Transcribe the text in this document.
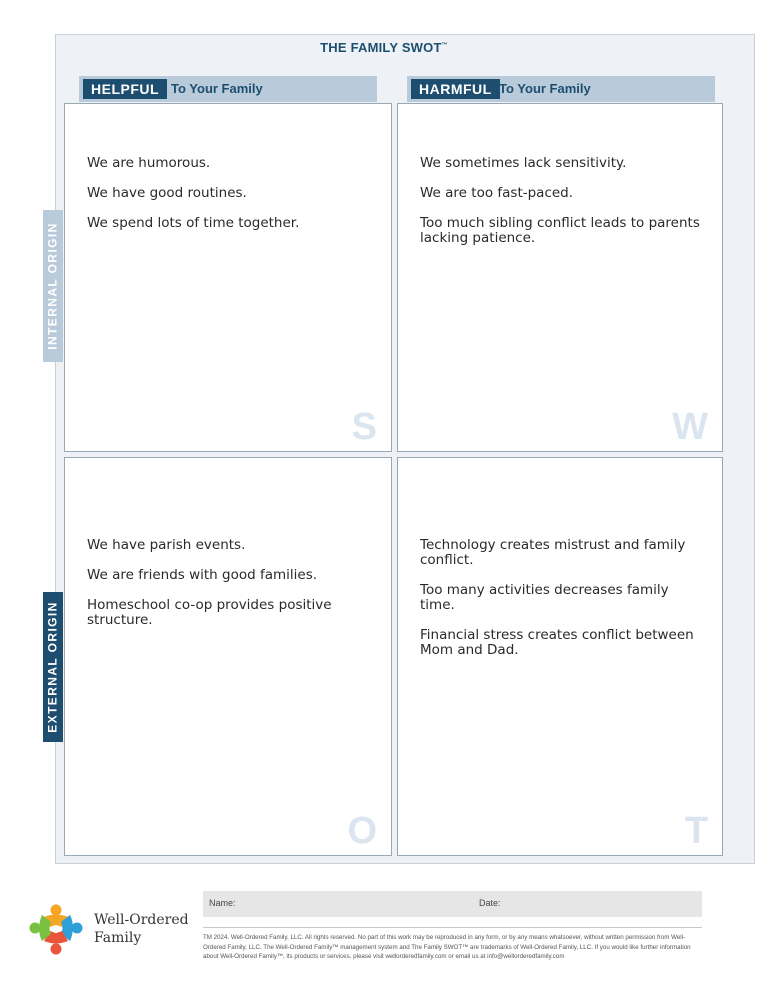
THE FAMILY SWOT™
HELPFUL To Your Family	HARMFUL To Your Family
INTERNAL ORIGIN
EXTERNAL ORIGIN
We are humorous.
We have good routines.
We spend lots of time together.
S
We sometimes lack sensitivity.
We are too fast-paced.
Too much sibling conflict leads to parents lacking patience.
W
We have parish events.
We are friends with good families.
Homeschool co-op provides positive structure.
O
Technology creates mistrust and family conflict.
Too many activities decreases family time.
Financial stress creates conflict between Mom and Dad.
T
Well-Ordered
Family
Name:	Date:
TM 2024. Well-Ordered Family, LLC. All rights reserved. No part of this work may be reproduced in any form, or by any means whatsoever, without written permission from Well-Ordered Family, LLC. The Well-Ordered Family™ management system and The Family SWOT™ are trademarks of Well-Ordered Family, LLC. If you would like further information about Well-Ordered Family™, its products or services, please visit wellorderedfamily.com or email us at info@wellorderedfamily.com
